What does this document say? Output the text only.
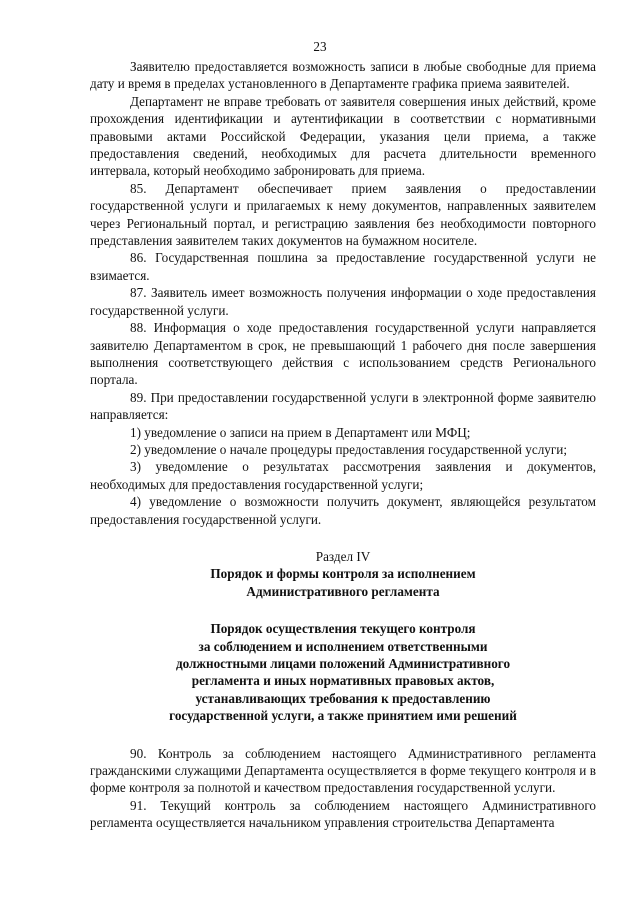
23

Заявителю предоставляется возможность записи в любые свободные для приема дату и время в пределах установленного в Департаменте графика приема заявителей.

Департамент не вправе требовать от заявителя совершения иных действий, кроме прохождения идентификации и аутентификации в соответствии с нормативными правовыми актами Российской Федерации, указания цели приема, а также предоставления сведений, необходимых для расчета длительности временного интервала, который необходимо забронировать для приема.

85. Департамент обеспечивает прием заявления о предоставлении государственной услуги и прилагаемых к нему документов, направленных заявителем через Региональный портал, и регистрацию заявления без необходимости повторного представления заявителем таких документов на бумажном носителе.

86. Государственная пошлина за предоставление государственной услуги не взимается.

87. Заявитель имеет возможность получения информации о ходе предоставления государственной услуги.

88. Информация о ходе предоставления государственной услуги направляется заявителю Департаментом в срок, не превышающий 1 рабочего дня после завершения выполнения соответствующего действия с использованием средств Регионального портала.

89. При предоставлении государственной услуги в электронной форме заявителю направляется:

1) уведомление о записи на прием в Департамент или МФЦ;

2) уведомление о начале процедуры предоставления государственной услуги;

3) уведомление о результатах рассмотрения заявления и документов, необходимых для предоставления государственной услуги;

4) уведомление о возможности получить документ, являющейся результатом предоставления государственной услуги.

Раздел IV

Порядок и формы контроля за исполнением

Административного регламента

Порядок осуществления текущего контроля

за соблюдением и исполнением ответственными

должностными лицами положений Административного

регламента и иных нормативных правовых актов,

устанавливающих требования к предоставлению

государственной услуги, а также принятием ими решений

90. Контроль за соблюдением настоящего Административного регламента гражданскими служащими Департамента осуществляется в форме текущего контроля и в форме контроля за полнотой и качеством предоставления государственной услуги.

91. Текущий контроль за соблюдением настоящего Административного регламента осуществляется начальником управления строительства Департамента
